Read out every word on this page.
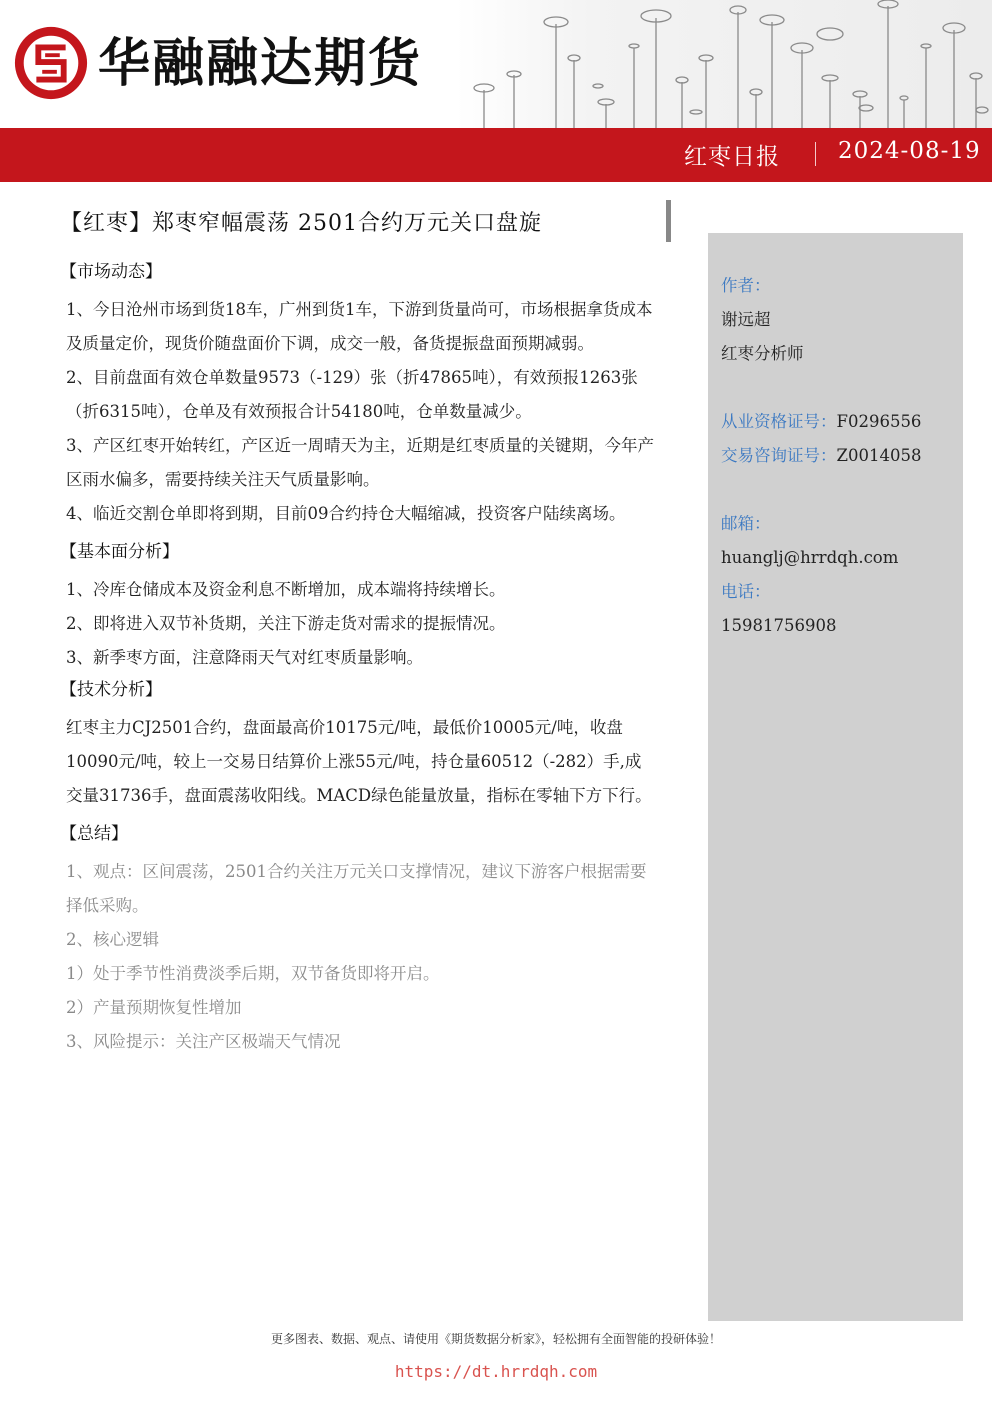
华融融达期货
红枣日报	2024-08-19
【红枣】郑枣窄幅震荡 2501合约万元关口盘旋
【市场动态】

1、今日沧州市场到货18车，广州到货1车，下游到货量尚可，市场根据拿货成本及质量定价，现货价随盘面价下调，成交一般，备货提振盘面预期减弱。

2、目前盘面有效仓单数量9573（-129）张（折47865吨），有效预报1263张（折6315吨），仓单及有效预报合计54180吨，仓单数量减少。

3、产区红枣开始转红，产区近一周晴天为主，近期是红枣质量的关键期，今年产区雨水偏多，需要持续关注天气质量影响。

4、临近交割仓单即将到期，目前09合约持仓大幅缩减，投资客户陆续离场。

【基本面分析】

1、冷库仓储成本及资金利息不断增加，成本端将持续增长。

2、即将进入双节补货期，关注下游走货对需求的提振情况。

3、新季枣方面，注意降雨天气对红枣质量影响。

【技术分析】

红枣主力CJ2501合约，盘面最高价10175元/吨，最低价10005元/吨，收盘10090元/吨，较上一交易日结算价上涨55元/吨，持仓量60512（-282）手,成交量31736手，盘面震荡收阳线。MACD绿色能量放量，指标在零轴下方下行。

【总结】

1、观点：区间震荡，2501合约关注万元关口支撑情况，建议下游客户根据需要择低采购。

2、核心逻辑

1）处于季节性消费淡季后期，双节备货即将开启。

2）产量预期恢复性增加

3、风险提示：关注产区极端天气情况

作者：
谢远超
红枣分析师
从业资格证号：F0296556
交易咨询证号：Z0014058
邮箱：
huanglj@hrrdqh.com
电话：
15981756908
更多图表、数据、观点、请使用《期货数据分析家》，轻松拥有全面智能的投研体验！
https://dt.hrrdqh.com
